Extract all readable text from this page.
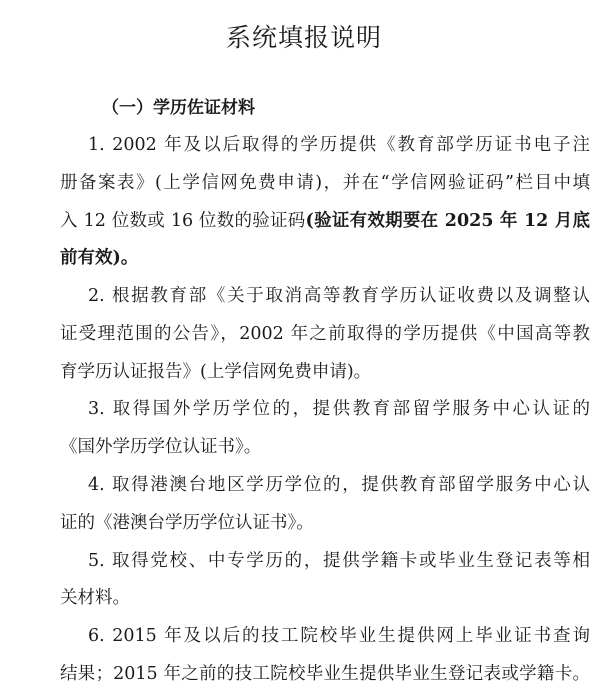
系统填报说明
（一）学历佐证材料
1. 2002 年及以后取得的学历提供《教育部学历证书电子注
册备案表》(上学信网免费申请)，并在“学信网验证码”栏目中填
入 12 位数或 16 位数的验证码(验证有效期要在 2025 年 12 月底
前有效)。
2. 根据教育部《关于取消高等教育学历认证收费以及调整认
证受理范围的公告》，2002 年之前取得的学历提供《中国高等教
育学历认证报告》(上学信网免费申请)。
3. 取得国外学历学位的，提供教育部留学服务中心认证的
《国外学历学位认证书》。
4. 取得港澳台地区学历学位的，提供教育部留学服务中心认
证的《港澳台学历学位认证书》。
5. 取得党校、中专学历的，提供学籍卡或毕业生登记表等相
关材料。
6. 2015 年及以后的技工院校毕业生提供网上毕业证书查询
结果；2015 年之前的技工院校毕业生提供毕业生登记表或学籍卡。
